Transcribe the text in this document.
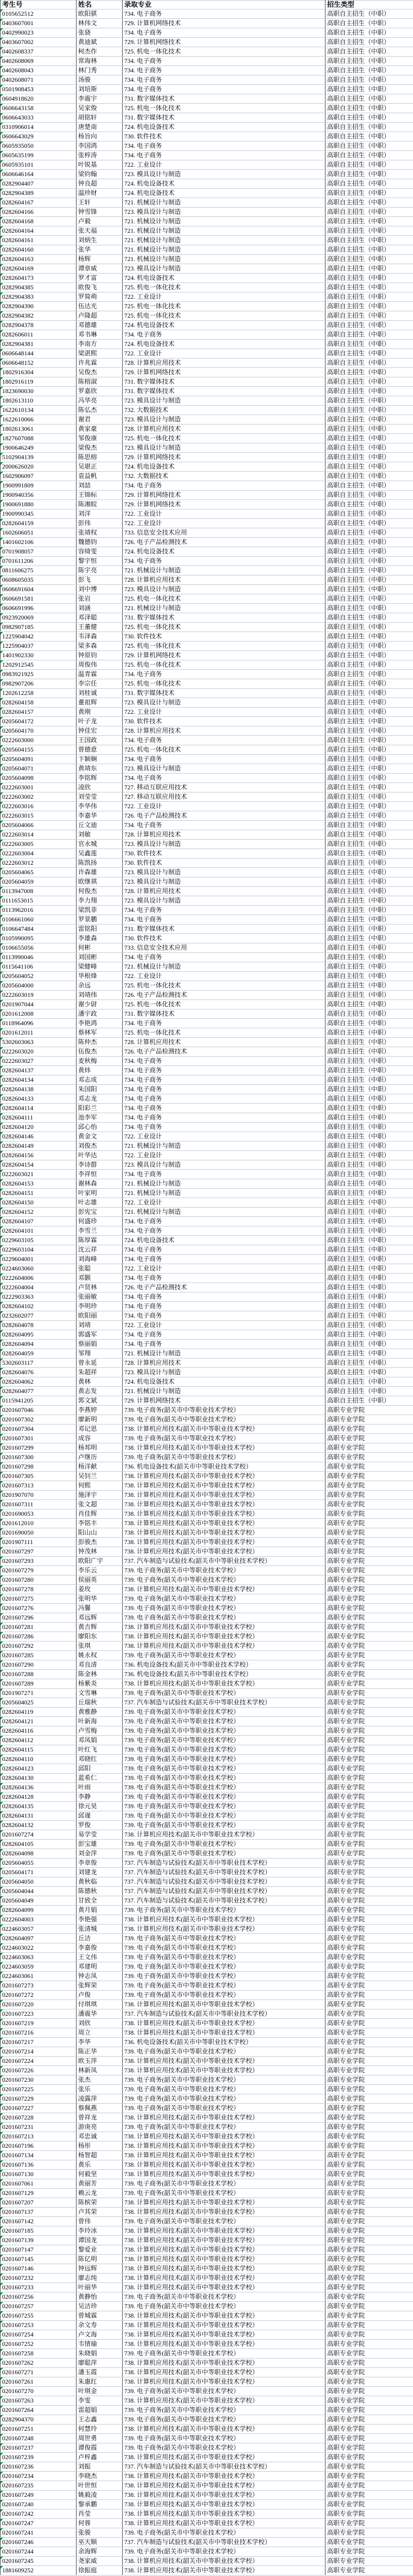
考生号	姓名	录取专业	招生类型

0105652512	欧阳骐	734. 电子商务	高职自主招生（中职）

0403607001	林伟文	729. 计算机网络技术	高职自主招生（中职）

0402990023	张骁	734. 电子商务	高职自主招生（中职）

0403607002	黄迪斌	729. 计算机网络技术	高职自主招生（中职）

0402608337	柯杰作	725. 机电一体化技术	高职自主招生（中职）

0402608069	常海林	734. 电子商务	高职自主招生（中职）

0402608043	林门秀	734. 电子商务	高职自主招生（中职）

0402608071	汤骏	734. 电子商务	高职自主招生（中职）

0501908453	刘培斯	734. 电子商务	高职自主招生（中职）

0604918620	李震宇	731. 数字媒体技术	高职自主招生（中职）

0606643158	吴家俊	725. 机电一体化技术	高职自主招生（中职）

0606643033	胡铭轩	731. 数字媒体技术	高职自主招生（中职）

0310906014	唐楚南	724. 机电设备技术	高职自主招生（中职）

0606643029	杨旨向	730. 软件技术	高职自主招生（中职）

0605935050	李国鸿	734. 电子商务	高职自主招生（中职）

0605635199	张梓涛	734. 电子商务	高职自主招生（中职）

0605935101	叶锐基	722. 工业设计	高职自主招生（中职）

0606646164	梁钧翰	723. 模具设计与制造	高职自主招生（中职）

0282904407	钟良超	724. 机电设备技术	高职自主招生（中职）

0282904389	温珍财	724. 机电设备技术	高职自主招生（中职）

0282604167	王轩	721. 机械设计与制造	高职自主招生（中职）

0282604166	钟雪锋	723. 模具设计与制造	高职自主招生（中职）

0282604168	卢毅	721. 机械设计与制造	高职自主招生（中职）

0282604164	张天福	721. 机械设计与制造	高职自主招生（中职）

0282604161	刘炳生	721. 机械设计与制造	高职自主招生（中职）

0282604160	张华	721. 机械设计与制造	高职自主招生（中职）

0282604163	杨辉	721. 机械设计与制造	高职自主招生（中职）

0282604169	谭章威	723. 模具设计与制造	高职自主招生（中职）

0282604173	罗才富	724. 机电设备技术	高职自主招生（中职）

0282904385	欧俊飞	725. 机电一体化技术	高职自主招生（中职）

0282904383	罗简萌	722. 工业设计	高职自主招生（中职）

0282904390	伍达光	725. 机电一体化技术	高职自主招生（中职）

0282904382	卢隆超	725. 机电一体化技术	高职自主招生（中职）

0282904378	邓德雄	724. 机电设备技术	高职自主招生（中职）

0282606011	邓书琳	734. 电子商务	高职自主招生（中职）

0282904381	李南方	724. 机电设备技术	高职自主招生（中职）

0606648144	梁湛熙	722. 工业设计	高职自主招生（中职）

0606648152	许兆霖	728. 计算机应用技术	高职自主招生（中职）

1802916304	吴俊杰	729. 计算机网络技术	高职自主招生（中职）

1802916119	陈榕淑	731. 数字媒体技术	高职自主招生（中职）

1823690030	罗嘉欣	731. 数字媒体技术	高职自主招生（中职）

1802613110	冯华亮	723. 模具设计与制造	高职自主招生（中职）

1622610134	陈弘杰	732. 大数据技术	高职自主招生（中职）

1622610066	谢君	723. 模具设计与制造	高职自主招生（中职）

1802613061	黄家豪	728. 计算机应用技术	高职自主招生（中职）

1827607088	邹俊康	725. 机电一体化技术	高职自主招生（中职）

1900646249	梁俊杰	723. 模具设计与制造	高职自主招生（中职）

5102904139	陈思榕	729. 计算机网络技术	高职自主招生（中职）

2000626020	吴堪正	724. 机电设备技术	高职自主招生（中职）

1602906097	袁益帆	732. 大数据技术	高职自主招生（中职）

1900991809	刘喆	734. 电子商务	高职自主招生（中职）

1900940356	王锦标	729. 计算机网络技术	高职自主招生（中职）

1900691880	陈湘皖	729. 计算机网络技术	高职自主招生（中职）

1900990345	刘洋	722. 工业设计	高职自主招生（中职）

0282604159	彭伟	722. 工业设计	高职自主招生（中职）

1602606051	张靖权	733. 信息安全技术应用	高职自主招生（中职）

1401602106	魏德钧	726. 电子产品检测技术	高职自主招生（中职）

0701908057	容绮雯	724. 机电设备技术	高职自主招生（中职）

0701611206	黎宇恒	734. 电子商务	高职自主招生（中职）

0811606275	陈宇亮	721. 机械设计与制造	高职自主招生（中职）

0608605035	彭飞	728. 计算机应用技术	高职自主招生（中职）

0606691604	刘中博	723. 模具设计与制造	高职自主招生（中职）

0606691581	张岩	725. 机电一体化技术	高职自主招生（中职）

0606691996	刘涵	721. 机械设计与制造	高职自主招生（中职）

0923920069	邓泽聪	731. 数字媒体技术	高职自主招生（中职）

0982907185	王董健	725. 机电一体化技术	高职自主招生（中职）

1225904042	韦泽森	730. 软件技术	高职自主招生（中职）

1225904037	梁多森	725. 机电一体化技术	高职自主招生（中职）

1401902330	钟原钧	729. 计算机网络技术	高职自主招生（中职）

1202912545	周俊伟	725. 机电一体化技术	高职自主招生（中职）

0983921925	温青霖	734. 电子商务	高职自主招生（中职）

0982907206	李宗任	725. 机电一体化技术	高职自主招生（中职）

1202612258	刘桂诚	731. 数字媒体技术	高职自主招生（中职）

0282604158	董祖辉	723. 模具设计与制造	高职自主招生（中职）

0282604157	黄刚	722. 工业设计	高职自主招生（中职）

0205604172	叶子龙	730. 软件技术	高职自主招生（中职）

0205604170	钟佳宏	728. 计算机应用技术	高职自主招生（中职）

0222603000	王国政	734. 电子商务	高职自主招生（中职）

0205604155	曾德意	725. 机电一体化技术	高职自主招生（中职）

0205604091	卞颖娴	734. 电子商务	高职自主招生（中职）

0205604071	黄靖东	723. 模具设计与制造	高职自主招生（中职）

0205604098	李铭辉	734. 电子商务	高职自主招生（中职）

0222603001	凌欣	727. 移动互联应用技术	高职自主招生（中职）

0222603002	刘莹莹	727. 移动互联应用技术	高职自主招生（中职）

0222603016	李华伟	722. 工业设计	高职自主招生（中职）

0222603015	李嘉华	726. 电子产品检测技术	高职自主招生（中职）

0205604066	丘文迪	734. 电子商务	高职自主招生（中职）

0222603014	刘敏	728. 计算机应用技术	高职自主招生（中职）

0222603005	官永城	723. 模具设计与制造	高职自主招生（中职）

0222603004	吴鑫莲	730. 软件技术	高职自主招生（中职）

0222603012	陈凯扬	730. 软件技术	高职自主招生（中职）

0205604065	许森雄	723. 模具设计与制造	高职自主招生（中职）

0205604059	欧继祺	723. 模具设计与制造	高职自主招生（中职）

0113947008	何俊杰	728. 计算机应用技术	高职自主招生（中职）

0111653015	李力翔	723. 模具设计与制造	高职自主招生（中职）

0113962016	梁凯菲	734. 电子商务	高职自主招生（中职）

0106661060	罗景鹏	734. 电子商务	高职自主招生（中职）

0106647484	雷铭阳	731. 数字媒体技术	高职自主招生（中职）

0105990095	李雄森	730. 软件技术	高职自主招生（中职）

0106655056	何彬	733. 信息安全技术应用	高职自主招生（中职）

0113990046	刘国彬	734. 电子商务	高职自主招生（中职）

0115641106	梁健峰	721. 机械设计与制造	高职自主招生（中职）

0205604052	华根烽	722. 工业设计	高职自主招生（中职）

0205604000	余远	725. 机电一体化技术	高职自主招生（中职）

0222603019	刘靖伟	726. 电子产品检测技术	高职自主招生（中职）

0201907044	谢少尉	725. 机电一体化技术	高职自主招生（中职）

0201612008	潘宇政	731. 数字媒体技术	高职自主招生（中职）

0118964096	李艳鸿	734. 电子商务	高职自主招生（中职）

0201612011	蔡林军	725. 机电一体化技术	高职自主招生（中职）

5302603063	陈仲杰	728. 计算机应用技术	高职自主招生（中职）

0222603020	伍俊杰	726. 电子产品检测技术	高职自主招生（中职）

0222603027	麦秋梅	734. 电子商务	高职自主招生（中职）

0282604137	黄炜	734. 电子商务	高职自主招生（中职）

0282604134	邓志成	734. 电子商务	高职自主招生（中职）

0282604138	朱国阳	734. 电子商务	高职自主招生（中职）

0282604133	邓志龙	734. 电子商务	高职自主招生（中职）

0282604114	阳彩兰	734. 电子商务	高职自主招生（中职）

0282604111	池李军	734. 电子商务	高职自主招生（中职）

0282604120	邱心怡	734. 电子商务	高职自主招生（中职）

0282604146	黄金文	722. 工业设计	高职自主招生（中职）

0282604149	刘俊杰	721. 机械设计与制造	高职自主招生（中职）

0282604156	叶华达	722. 工业设计	高职自主招生（中职）

0282604154	李诗群	723. 模具设计与制造	高职自主招生（中职）

0222603021	李祥恒	734. 电子商务	高职自主招生（中职）

0282604153	谢林森	721. 机械设计与制造	高职自主招生（中职）

0282604151	叶家明	721. 机械设计与制造	高职自主招生（中职）

0282604150	叶志雄	722. 工业设计	高职自主招生（中职）

0282604152	彭宪宝	721. 机械设计与制造	高职自主招生（中职）

0282604107	何盛珍	734. 电子商务	高职自主招生（中职）

0282604101	李雪兰	734. 电子商务	高职自主招生（中职）

0229603105	陈厚霖	724. 机电设备技术	高职自主招生（中职）

0229603104	沈云祥	734. 电子商务	高职自主招生（中职）

0229604001	刘海峰	734. 电子商务	高职自主招生（中职）

0224603060	张聪	722. 工业设计	高职自主招生（中职）

0222604006	邓颢	734. 电子商务	高职自主招生（中职）

0222604004	卢贤林	726. 电子产品检测技术	高职自主招生（中职）

0222903363	张丽敏	734. 电子商务	高职自主招生（中职）

0282604102	李明珍	734. 电子商务	高职自主招生（中职）

0232602077	欧阳丽	734. 电子商务	高职自主招生（中职）

0282604078	刘靖	722. 工业设计	高职自主招生（中职）

0282604095	郭盛军	734. 电子商务	高职自主招生（中职）

0282604094	蔡丽娟	734. 电子商务	高职自主招生（中职）

0282604059	邹翔	721. 机械设计与制造	高职自主招生（中职）

5302603117	曾永延	728. 计算机应用技术	高职自主招生（中职）

0282604076	朱超祥	723. 模具设计与制造	高职自主招生（中职）

0282604062	黄林	724. 机电设备技术	高职自主招生（中职）

0282604077	黄志发	721. 机械设计与制造	高职自主招生（中职）

0115941205	郭文斌	729. 计算机网络技术	高职自主招生（中职）

0201607046	李燕婷	739. 电子商务(韶关市中等职业技术学校）	高职专业学院

0201607302	廖新明	739. 电子商务(韶关市中等职业技术学校）	高职专业学院

0201607304	邓记思	738. 计算机应用技术(韶关市中等职业技术学校）	高职专业学院

0201607301	成容	739. 电子商务(韶关市中等职业技术学校）	高职专业学院

0201607299	杨邦明	738. 计算机应用技术(韶关市中等职业技术学校）	高职专业学院

0201607300	卢继历	739. 电子商务(韶关市中等职业技术学校）	高职专业学院

0201607298	杨洋献	736. 机电设备技术(韶关市中等职业技术学校）	高职专业学院

0201607305	吴钊兰	738. 计算机应用技术(韶关市中等职业技术学校）	高职专业学院

0201607313	何熙	738. 计算机应用技术(韶关市中等职业技术学校）	高职专业学院

0201907070	施泽宇	738. 计算机应用技术(韶关市中等职业技术学校）	高职专业学院

0201607311	张文超	738. 计算机应用技术(韶关市中等职业技术学校）	高职专业学院

0201690053	肖佳辉	738. 计算机应用技术(韶关市中等职业技术学校）	高职专业学院

0201612010	李铭丰	738. 计算机应用技术(韶关市中等职业技术学校）	高职专业学院

0201690050	阳山山	738. 计算机应用技术(韶关市中等职业技术学校）	高职专业学院

0201907111	彭骏杰	738. 计算机应用技术(韶关市中等职业技术学校）	高职专业学院

0201607297	钟茂林	738. 计算机应用技术(韶关市中等职业技术学校）	高职专业学院

0201607293	欧阳广宇	737. 汽车制造与试验技术(韶关市中等职业技术学校）	高职专业学院

0201607279	李乐云	739. 电子商务(韶关市中等职业技术学校）	高职专业学院

0201607280	侯丽英	739. 电子商务(韶关市中等职业技术学校）	高职专业学院

0201607278	姜玫	738. 计算机应用技术(韶关市中等职业技术学校）	高职专业学院

0201607275	张明华	739. 电子商务(韶关市中等职业技术学校）	高职专业学院

0201607276	冯馨	739. 电子商务(韶关市中等职业技术学校）	高职专业学院

0201607296	邓远辉	739. 电子商务(韶关市中等职业技术学校）	高职专业学院

0201607281	黄吉辉	738. 计算机应用技术(韶关市中等职业技术学校）	高职专业学院

0201607286	廖阳东	738. 计算机应用技术(韶关市中等职业技术学校）	高职专业学院

0201607292	张琪	738. 计算机应用技术(韶关市中等职业技术学校）	高职专业学院

0201607285	姚永权	739. 电子商务(韶关市中等职业技术学校）	高职专业学院

0201607290	邓良清	736. 机电设备技术(韶关市中等职业技术学校）	高职专业学院

0201607288	陈金林	736. 机电设备技术(韶关市中等职业技术学校）	高职专业学院

0201607289	杨紫炎	738. 计算机应用技术(韶关市中等职业技术学校）	高职专业学院

0201907271	文雪琳	739. 电子商务(韶关市中等职业技术学校）	高职专业学院

0205604025	丘瑞秋	737. 汽车制造与试验技术(韶关市中等职业技术学校）	高职专业学院

0282604119	黄雅静	739. 电子商务(韶关市中等职业技术学校）	高职专业学院

0282604121	叶新海	739. 电子商务(韶关市中等职业技术学校）	高职专业学院

0282604116	卢雪梅	739. 电子商务(韶关市中等职业技术学校）	高职专业学院

0282604112	邓凤娟	739. 电子商务(韶关市中等职业技术学校）	高职专业学院

0282604115	叶红飞	739. 电子商务(韶关市中等职业技术学校）	高职专业学院

0282604110	邓晓红	739. 电子商务(韶关市中等职业技术学校）	高职专业学院

0282604123	邱阳	739. 电子商务(韶关市中等职业技术学校）	高职专业学院

0282604130	蓝希仁	739. 电子商务(韶关市中等职业技术学校）	高职专业学院

0282604136	叶雨	739. 电子商务(韶关市中等职业技术学校）	高职专业学院

0282604128	李静	739. 电子商务(韶关市中等职业技术学校）	高职专业学院

0282604135	徐元昊	739. 电子商务(韶关市中等职业技术学校）	高职专业学院

0282604131	邱谨	739. 电子商务(韶关市中等职业技术学校）	高职专业学院

0282604132	罗俊	739. 电子商务(韶关市中等职业技术学校）	高职专业学院

0201607274	易学莹	738. 计算机应用技术(韶关市中等职业技术学校）	高职专业学院

0282604105	彭宝雄	739. 电子商务(韶关市中等职业技术学校）	高职专业学院

0282604098	刘金萍	739. 电子商务(韶关市中等职业技术学校）	高职专业学院

0205604055	李章俊	737. 汽车制造与试验技术(韶关市中等职业技术学校）	高职专业学院

0205604171	刘建龙	737. 汽车制造与试验技术(韶关市中等职业技术学校）	高职专业学院

0205604050	黄秋临	737. 汽车制造与试验技术(韶关市中等职业技术学校）	高职专业学院

0205604044	陈德秋	737. 汽车制造与试验技术(韶关市中等职业技术学校）	高职专业学院

0205604049	甘致全	737. 汽车制造与试验技术(韶关市中等职业技术学校）	高职专业学院

0282604099	黄月娟	739. 电子商务(韶关市中等职业技术学校）	高职专业学院

0222604003	李艳强	738. 计算机应用技术(韶关市中等职业技术学校）	高职专业学院

0224603057	张清城	738. 计算机应用技术(韶关市中等职业技术学校）	高职专业学院

0282604097	丘洁	739. 电子商务(韶关市中等职业技术学校）	高职专业学院

0224603022	李嘉俊	739. 电子商务(韶关市中等职业技术学校）	高职专业学院

0224603063	王文伟	739. 电子商务(韶关市中等职业技术学校）	高职专业学院

0224603059	邓建明	739. 电子商务(韶关市中等职业技术学校）	高职专业学院

0224603061	钟志凤	739. 电子商务(韶关市中等职业技术学校）	高职专业学院

0201607273	张辉荣	739. 电子商务(韶关市中等职业技术学校）	高职专业学院

0201607272	卢俊	739. 电子商务(韶关市中等职业技术学校）	高职专业学院

0201607220	付琪琪	738. 计算机应用技术(韶关市中等职业技术学校）	高职专业学院

0201607223	潘震华	737. 汽车制造与试验技术(韶关市中等职业技术学校）	高职专业学院

0201607219	刘欣	738. 计算机应用技术(韶关市中等职业技术学校）	高职专业学院

0201607216	周立	738. 计算机应用技术(韶关市中等职业技术学校）	高职专业学院

0201607217	李华	736. 机电设备技术(韶关市中等职业技术学校）	高职专业学院

0201607214	陈正华	739. 电子商务(韶关市中等职业技术学校）	高职专业学院

0201607224	欧玉萍	738. 计算机应用技术(韶关市中等职业技术学校）	高职专业学院

0201607226	林新凤	738. 计算机应用技术(韶关市中等职业技术学校）	高职专业学院

0201607230	张杰	739. 电子商务(韶关市中等职业技术学校）	高职专业学院

0201607225	张乐	739. 电子商务(韶关市中等职业技术学校）	高职专业学院

0201607229	凌露萍	739. 电子商务(韶关市中等职业技术学校）	高职专业学院

0201607227	蔡佩燕	739. 电子商务(韶关市中等职业技术学校）	高职专业学院

0201607228	曾祥龙	738. 计算机应用技术(韶关市中等职业技术学校）	高职专业学院

0201607231	游庚亮	739. 电子商务(韶关市中等职业技术学校）	高职专业学院

0201607213	邓忠诚	738. 计算机应用技术(韶关市中等职业技术学校）	高职专业学院

0201607196	杨彤	738. 计算机应用技术(韶关市中等职业技术学校）	高职专业学院

0201607134	杨智超	738. 计算机应用技术(韶关市中等职业技术学校）	高职专业学院

0201607136	黄乐	738. 计算机应用技术(韶关市中等职业技术学校）	高职专业学院

0201607130	何毅坚	738. 计算机应用技术(韶关市中等职业技术学校）	高职专业学院

0201607061	黄丽芳	739. 电子商务(韶关市中等职业技术学校）	高职专业学院

0201607129	赖云龙	739. 电子商务(韶关市中等职业技术学校）	高职专业学院

0201607207	陈槟荣	738. 计算机应用技术(韶关市中等职业技术学校）	高职专业学院

0201607137	卢其荣	738. 计算机应用技术(韶关市中等职业技术学校）	高职专业学院

0201607142	曾伟	739. 电子商务(韶关市中等职业技术学校）	高职专业学院

0201607185	李玲冰	738. 计算机应用技术(韶关市中等职业技术学校）	高职专业学院

0201607139	谭国龙	738. 计算机应用技术(韶关市中等职业技术学校）	高职专业学院

0201607147	黎爱业	738. 计算机应用技术(韶关市中等职业技术学校）	高职专业学院

0201607145	陈亿明	738. 计算机应用技术(韶关市中等职业技术学校）	高职专业学院

0201607146	钟远辉	738. 计算机应用技术(韶关市中等职业技术学校）	高职专业学院

0201607232	廖志纯	738. 计算机应用技术(韶关市中等职业技术学校）	高职专业学院

0201607233	叶丽华	738. 计算机应用技术(韶关市中等职业技术学校）	高职专业学院

0201607256	黄静怡	739. 电子商务(韶关市中等职业技术学校）	高职专业学院

0201607257	吴洁珍	739. 电子商务(韶关市中等职业技术学校）	高职专业学院

0201607255	曾城霖	738. 计算机应用技术(韶关市中等职业技术学校）	高职专业学院

0201607253	余文寿	738. 计算机应用技术(韶关市中等职业技术学校）	高职专业学院

0201607254	卢文海	738. 计算机应用技术(韶关市中等职业技术学校）	高职专业学院

0201607252	韦情瑜	738. 计算机应用技术(韶关市中等职业技术学校）	高职专业学院

0201607258	朱晓娟	739. 电子商务(韶关市中等职业技术学校）	高职专业学院

0201607262	廖聪萍	738. 计算机应用技术(韶关市中等职业技术学校）	高职专业学院

0201607271	潘玉霞	738. 计算机应用技术(韶关市中等职业技术学校）	高职专业学院

0201607261	朱惠红	738. 计算机应用技术(韶关市中等职业技术学校）	高职专业学院

0201607270	叶琪金	739. 电子商务(韶关市中等职业技术学校）	高职专业学院

0201607263	李雯	738. 计算机应用技术(韶关市中等职业技术学校）	高职专业学院

0201607264	雷超娟	739. 电子商务(韶关市中等职业技术学校）	高职专业学院

0282904370	王志鑫	739. 电子商务(韶关市中等职业技术学校）	高职专业学院

0201607251	何慧玲	738. 计算机应用技术(韶关市中等职业技术学校）	高职专业学院

0201607248	周世勇	739. 电子商务(韶关市中等职业技术学校）	高职专业学院

0201607237	谭俊霞	739. 电子商务(韶关市中等职业技术学校）	高职专业学院

0201607239	卢梓鑫	738. 计算机应用技术(韶关市中等职业技术学校）	高职专业学院

0201607236	刘振	737. 汽车制造与试验技术(韶关市中等职业技术学校）	高职专业学院

0201607234	李晓杰	738. 计算机应用技术(韶关市中等职业技术学校）	高职专业学院

0201607235	叶世恒	738. 计算机应用技术(韶关市中等职业技术学校）	高职专业学院

0201607249	姚毅凌	738. 计算机应用技术(韶关市中等职业技术学校）	高职专业学院

0201607240	黎承鹏	738. 计算机应用技术(韶关市中等职业技术学校）	高职专业学院

0201607242	肖莹	738. 计算机应用技术(韶关市中等职业技术学校）	高职专业学院

0201607247	何蓉	738. 计算机应用技术(韶关市中等职业技术学校）	高职专业学院

0201607241	张骏	739. 电子商务(韶关市中等职业技术学校）	高职专业学院

0201607246	巫天顺	737. 汽车制造与试验技术(韶关市中等职业技术学校）	高职专业学院

0201607244	余海辉	739. 电子商务(韶关市中等职业技术学校）	高职专业学院

0201607245	尧家威	738. 计算机应用技术(韶关市中等职业技术学校）	高职专业学院

1881609252	徐振庭	738. 计算机应用技术(韶关市中等职业技术学校）	高职专业学院
